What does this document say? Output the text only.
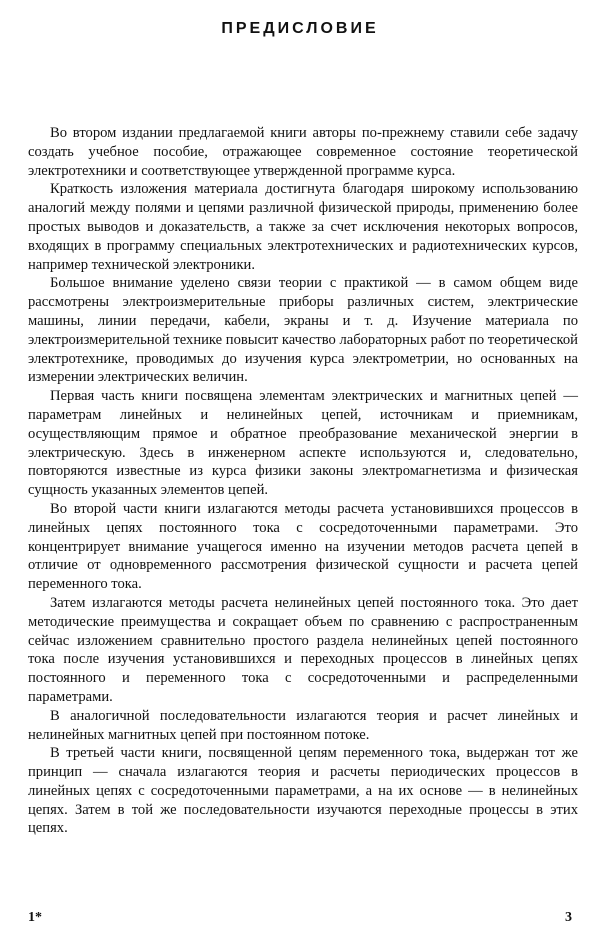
ПРЕДИСЛОВИЕ

Во втором издании предлагаемой книги авторы по-прежнему ставили себе задачу создать учебное пособие, отражающее современное состояние теоретической электротехники и соответствующее утвержденной программе курса.

Краткость изложения материала достигнута благодаря широкому использованию аналогий между полями и цепями различной физической природы, применению более простых выводов и доказательств, а также за счет исключения некоторых вопросов, входящих в программу специальных электротехнических и радиотехнических курсов, например технической электроники.

Большое внимание уделено связи теории с практикой — в самом общем виде рассмотрены электроизмерительные приборы различных систем, электрические машины, линии передачи, кабели, экраны и т. д. Изучение материала по электроизмерительной технике повысит качество лабораторных работ по теоретической электротехнике, проводимых до изучения курса электрометрии, но основанных на измерении электрических величин.

Первая часть книги посвящена элементам электрических и магнитных цепей — параметрам линейных и нелинейных цепей, источникам и приемникам, осуществляющим прямое и обратное преобразование механической энергии в электрическую. Здесь в инженерном аспекте используются и, следовательно, повторяются известные из курса физики законы электромагнетизма и физическая сущность указанных элементов цепей.

Во второй части книги излагаются методы расчета установившихся процессов в линейных цепях постоянного тока с сосредоточенными параметрами. Это концентрирует внимание учащегося именно на изучении методов расчета цепей в отличие от одновременного рассмотрения физической сущности и расчета цепей переменного тока.

Затем излагаются методы расчета нелинейных цепей постоянного тока. Это дает методические преимущества и сокращает объем по сравнению с распространенным сейчас изложением сравнительно простого раздела нелинейных цепей постоянного тока после изучения установившихся и переходных процессов в линейных цепях постоянного и переменного тока с сосредоточенными и распределенными параметрами.

В аналогичной последовательности излагаются теория и расчет линейных и нелинейных магнитных цепей при постоянном потоке.

В третьей части книги, посвященной цепям переменного тока, выдержан тот же принцип — сначала излагаются теория и расчеты периодических процессов в линейных цепях с сосредоточенными параметрами, а на их основе — в нелинейных цепях. Затем в той же последовательности изучаются переходные процессы в этих цепях.

1*	3
